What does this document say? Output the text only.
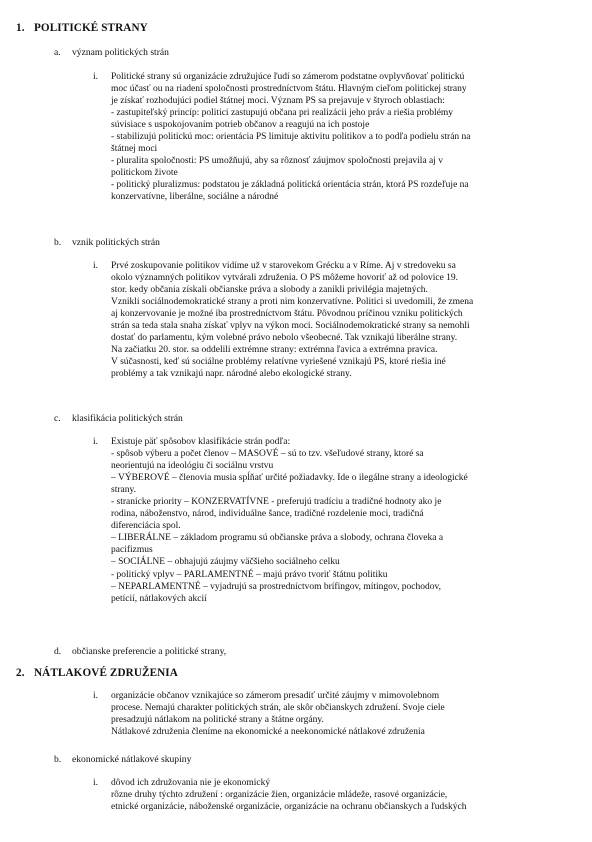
1. POLITICKÉ STRANY
a. význam politických strán
i. Politické strany sú organizácie združujúce ľudí so zámerom podstatne ovplyvňovať politickú
moc účasť ou na riadení spoločnosti prostredníctvom štátu. Hlavným cieľom politickej strany
je získať rozhodujúci podiel štátnej moci. Význam PS sa prejavuje v štyroch oblastiach:
- zastupiteľský princíp: politici zastupujú občana pri realizácii jeho práv a riešia problémy
súvisiace s uspokojovaním potrieb občanov a reagujú na ich postoje
- stabilizujú politickú moc: orientácia PS limituje aktivitu politikov a to podľa podielu strán na
štátnej moci
- pluralita spoločnosti: PS umožňujú, aby sa rôznosť záujmov spoločnosti prejavila aj v
politickom živote
- politický pluralizmus: podstatou je základná politická orientácia strán, ktorá PS rozdeľuje na
konzervatívne, liberálne, sociálne a národné
b. vznik politických strán
i. Prvé zoskupovanie politikov vidíme už v starovekom Grécku a v Ríme. Aj v stredoveku sa
okolo významných politikov vytvárali združenia. O PS môžeme hovoriť až od polovice 19.
stor. kedy občania získali občianske práva a slobody a zanikli privilégia majetných.
Vznikli sociálnodemokratické strany a proti nim konzervatívne. Politici si uvedomili, že zmena
aj konzervovanie je možné iba prostredníctvom štátu. Pôvodnou príčinou vzniku politických
strán sa teda stala snaha získať vplyv na výkon moci. Sociálnodemokratické strany sa nemohli
dostať do parlamentu, kým volebné právo nebolo všeobecné. Tak vznikajú liberálne strany.
Na začiatku 20. stor. sa oddelili extrémne strany: extrémna ľavica a extrémna pravica.
V súčasnosti, keď sú sociálne problémy relatívne vyriešené vznikajú PS, ktoré riešia iné
problémy a tak vznikajú napr. národné alebo ekologické strany.
c. klasifikácia politických strán
i. Existuje päť spôsobov klasifikácie strán podľa:
- spôsob výberu a počet členov – MASOVÉ – sú to tzv. všeľudové strany, ktoré sa
neorientujú na ideológiu či sociálnu vrstvu
– VÝBEROVÉ – členovia musia spĺňať určité požiadavky. Ide o ilegálne strany a ideologické
strany.
- stranícke priority – KONZERVATÍVNE - preferujú tradíciu a tradičné hodnoty ako je
rodina, náboženstvo, národ, individuálne šance, tradičné rozdelenie moci, tradičná
diferenciácia spol.
– LIBERÁLNE – základom programu sú občianske práva a slobody, ochrana človeka a
pacifizmus
– SOCIÁLNE – obhajujú záujmy väčšieho sociálneho celku
- politický vplyv – PARLAMENTNÉ – majú právo tvoriť štátnu politiku
– NEPARLAMENTNÉ – vyjadrujú sa prostredníctvom brífingov, mítingov, pochodov,
petícií, nátlakových akcií
d. občianske preferencie a politické strany,
2. NÁTLAKOVÉ ZDRUŽENIA
i. organizácie občanov vznikajúce so zámerom presadiť určité záujmy v mimovolebnom
procese. Nemajú charakter politických strán, ale skôr občianskych združení. Svoje ciele
presadzujú nátlakom na politické strany a štátne orgány.
Nátlakové združenia členíme na ekonomické a neekonomické nátlakové združenia
b. ekonomické nátlakové skupiny
i. dôvod ich združovania nie je ekonomický
rôzne druhy týchto združení : organizácie žien, organizácie mládeže, rasové organizácie,
etnické organizácie, náboženské organizácie, organizácie na ochranu občianskych a ľudských
